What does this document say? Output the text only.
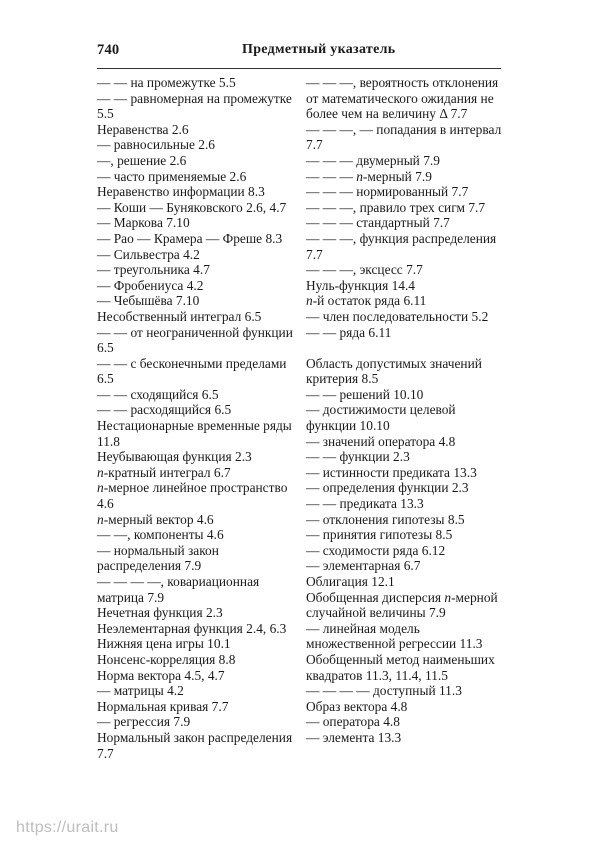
740	Предметный указатель

— — на промежутке 5.5

— — равномерная на промежутке 5.5

Неравенства 2.6

— равносильные 2.6

—, решение 2.6

— часто применяемые 2.6

Неравенство информации 8.3

— Коши — Буняковского 2.6, 4.7

— Маркова 7.10

— Рао — Крамера — Фреше 8.3

— Сильвестра 4.2

— треугольника 4.7

— Фробениуса 4.2

— Чебышёва 7.10

Несобственный интеграл 6.5

— — от неограниченной функции 6.5

— — с бесконечными пределами 6.5

— — сходящийся 6.5

— — расходящийся 6.5

Нестационарные временные ряды 11.8

Неубывающая функция 2.3

n-кратный интеграл 6.7

n-мерное линейное пространство 4.6

n-мерный вектор 4.6

— —, компоненты 4.6

— нормальный закон распределения 7.9

— — — —, ковариационная матрица 7.9

Нечетная функция 2.3

Неэлементарная функция 2.4, 6.3

Нижняя цена игры 10.1

Нонсенс-корреляция 8.8

Норма вектора 4.5, 4.7

— матрицы 4.2

Нормальная кривая 7.7

— регрессия 7.9

Нормальный закон распределения 7.7

— — —, вероятность отклонения от математического ожидания не более чем на величину Δ 7.7

— — —, — попадания в интервал 7.7

— — — двумерный 7.9

— — — n-мерный 7.9

— — — нормированный 7.7

— — —, правило трех сигм 7.7

— — — стандартный 7.7

— — —, функция распределения 7.7

— — —, эксцесс 7.7

Нуль-функция 14.4

n-й остаток ряда 6.11

— член последовательности 5.2

— — ряда 6.11

Область допустимых значений критерия 8.5

— — решений 10.10

— достижимости целевой функции 10.10

— значений оператора 4.8

— — функции 2.3

— истинности предиката 13.3

— определения функции 2.3

— — предиката 13.3

— отклонения гипотезы 8.5

— принятия гипотезы 8.5

— сходимости ряда 6.12

— элементарная 6.7

Облигация 12.1

Обобщенная дисперсия n-мерной случайной величины 7.9

— линейная модель множественной регрессии 11.3

Обобщенный метод наименьших квадратов 11.3, 11.4, 11.5

— — — — доступный 11.3

Образ вектора 4.8

— оператора 4.8

— элемента 13.3

https://urait.ru
